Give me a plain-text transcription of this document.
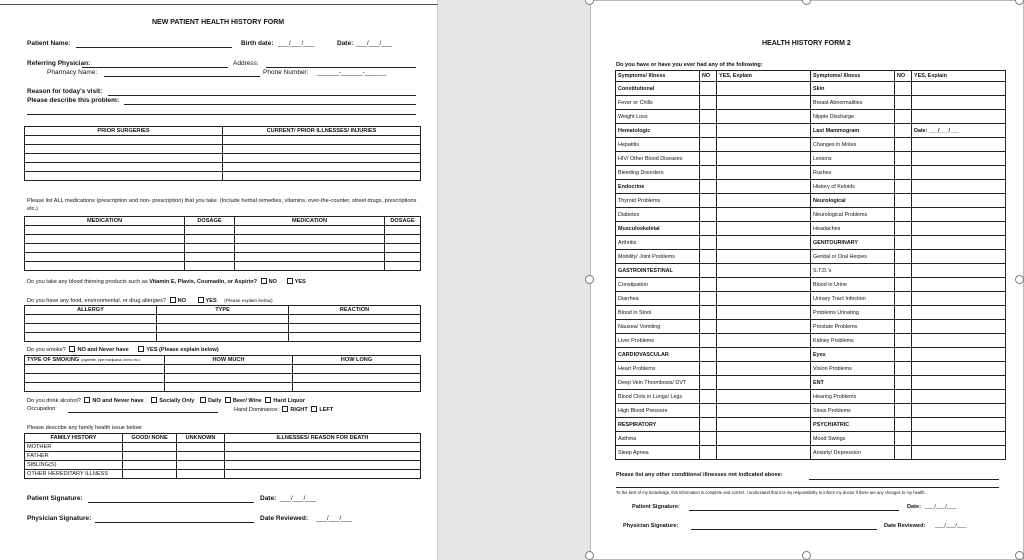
NEW PATIENT HEALTH HISTORY FORM
Patient Name:	Birth date: ___/___/___	Date: ___/___/___
Referring Physician:	Address:
Pharmacy Name:	Phone Number: ______-______-______
Reason for today's visit:
Please describe this problem:
PRIOR SURGERIES	CURRENT/ PRIOR ILLNESSES/ INJURIES

Please list ALL medications (prescription and non- prescription) that you take. (Include herbal remedies, vitamins, over-the-counter, street drugs, prescriptions etc.)
MEDICATION	DOSAGE	MEDICATION	DOSAGE

Do you take any blood thinning products such as Vitamin E, Plavix, Coumadin, or Aspirin? NO	YES
Do you have any food, environmental, or drug allergies? NO	YES (Please explain below)
ALLERGY	TYPE	REACTION

Do you smoke? NO and Never have	YES (Please explain below)
TYPE OF SMOKING (cigarette, pipe marijuana, chew, etc.)	HOW MUCH	HOW LONG

Do you drink alcohol? NO and Never have	Socially Only Daily Beer/ Wine Hard Liquor
Occupation:	Hand Dominance: RIGHT LEFT
Please describe any family health issue below:
FAMILY HISTORY	GOOD/ NONE	UNKNOWN	ILLNESSES/ REASON FOR DEATH
MOTHER			
FATHER			
SIBLING(S)			
OTHER HEREDITARY ILLNESS			
Patient Signature:	Date: ___/___/___
Physician Signature:	Date Reviewed: ___/___/___
HEALTH HISTORY FORM 2
Do you have or have you ever had any of the following:
Symptoms/ Illness	NO	YES, Explain	Symptoms/ Illness	NO	YES, Explain
Constitutional			Skin		
Fever or Chills			Breast Abnormalities		
Weight Loss			Nipple Discharge		
Hematologic			Last Mammogram		Date: ___/___/___
Hepatitis			Changes in Moles		
HIV/ Other Blood Diseases			Lesions		
Bleeding Disorders			Rashes		
Endocrine			History of Keloids		
Thyroid Problems			Neurological		
Diabetes			Neurological Problems		
Musculoskeletal			Headaches		
Arthritis			GENITOURINARY		
Mobility/ Joint Problems			Genital or Oral Herpes		
GASTROINTESTINAL			S.T.D.'s		
Constipation			Blood in Urine		
Diarrhea			Urinary Tract Infection		
Blood in Stool			Problems Urinating		
Nausea/ Vomiting			Prostate Problems		
Liver Problems			Kidney Problems		
CARDIOVASCULAR			Eyes		
Heart Problems			Vision Problems		
Deep Vein Thrombosis/ DVT			ENT		
Blood Clots in Lungs/ Legs			Hearing Problems		
High Blood Pressure			Sinus Problems		
RESPIRATORY			PSYCHIATRIC		
Asthma			Mood Swings		
Sleep Apnea			Anxiety/ Depression		
Please list any other conditions/ illnesses not indicated above:
To the best of my knowledge, this information is complete and correct. I understand that it is my responsibility to inform my doctor if there are any changes to my health.
Patient Signature:	Date: ___/___/___
Physician Signature:	Date Reviewed: ___/___/___
